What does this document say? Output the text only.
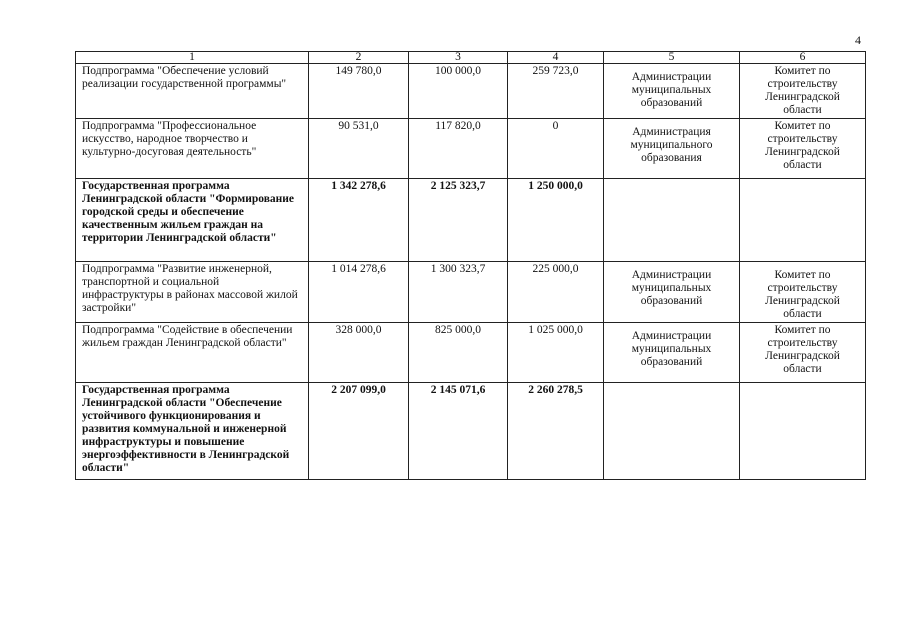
4
1	2	3	4	5	6
Подпрограмма "Обеспечение условий реализации государственной программы"	149 780,0	100 000,0	259 723,0	Администрации муниципальных образований	Комитет по строительству Ленинградской области
Подпрограмма "Профессиональное искусство, народное творчество и культурно-досуговая деятельность"	90 531,0	117 820,0	0	Администрация муниципального образования	Комитет по строительству Ленинградской области
Государственная программа Ленинградской области "Формирование городской среды и обеспечение качественным жильем граждан на территории Ленинградской области"	1 342 278,6	2 125 323,7	1 250 000,0		
Подпрограмма "Развитие инженерной, транспортной и социальной инфраструктуры в районах массовой жилой застройки"	1 014 278,6	1 300 323,7	225 000,0	Администрации муниципальных образований	Комитет по строительству Ленинградской области
Подпрограмма "Содействие в обеспечении жильем граждан Ленинградской области"	328 000,0	825 000,0	1 025 000,0	Администрации муниципальных образований	Комитет по строительству Ленинградской области
Государственная программа Ленинградской области "Обеспечение устойчивого функционирования и развития коммунальной и инженерной инфраструктуры и повышение энергоэффективности в Ленинградской области"	2 207 099,0	2 145 071,6	2 260 278,5		
